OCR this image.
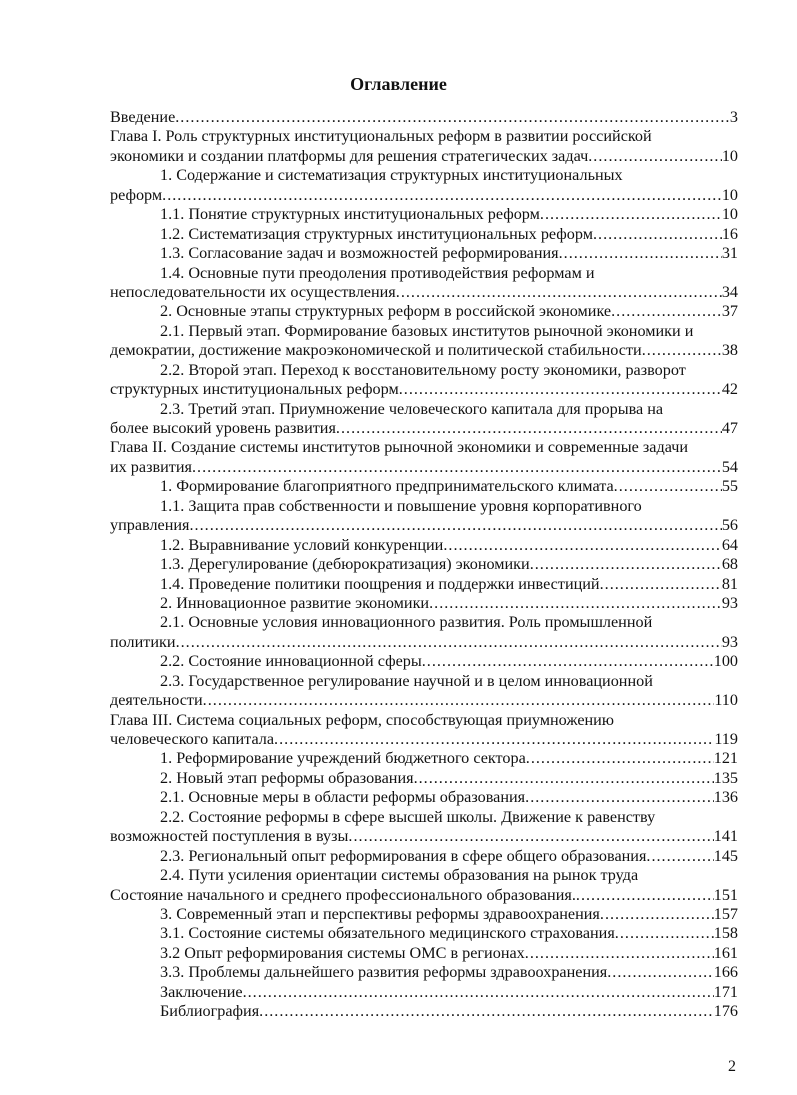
Оглавление
Введение .....	3
Глава I. Роль структурных институциональных реформ в развитии российской
экономики и создании платформы для решения стратегических задач .....	10
1. Содержание и систематизация структурных институциональных
реформ .....	10
1.1. Понятие структурных институциональных реформ .....	10
1.2. Систематизация структурных институциональных реформ .....	16
1.3. Согласование задач и возможностей реформирования .....	31
1.4. Основные пути преодоления противодействия реформам и
непоследовательности их осуществления .....	34
2. Основные этапы структурных реформ в российской экономике .....	37
2.1. Первый этап. Формирование базовых институтов рыночной экономики и
демократии, достижение макроэкономической и политической стабильности .....	38
2.2. Второй этап. Переход к восстановительному росту экономики, разворот
структурных институциональных реформ .....	42
2.3. Третий этап. Приумножение человеческого капитала для прорыва на
более высокий уровень развития .....	47
Глава II. Создание системы институтов рыночной экономики и современные задачи
их развития .....	54
1. Формирование благоприятного предпринимательского климата .....	55
1.1. Защита прав собственности и повышение уровня корпоративного
управления .....	56
1.2. Выравнивание условий конкуренции .....	64
1.3. Дерегулирование (дебюрократизация) экономики .....	68
1.4. Проведение политики поощрения и поддержки инвестиций .....	81
2. Инновационное развитие экономики .....	93
2.1. Основные условия инновационного развития. Роль промышленной
политики .....	93
2.2. Состояние инновационной сферы .....	100
2.3. Государственное регулирование научной и в целом инновационной
деятельности .....	110
Глава III. Система социальных реформ, способствующая приумножению
человеческого капитала .....	119
1. Реформирование учреждений бюджетного сектора .....	121
2. Новый этап реформы образования .....	135
2.1. Основные меры в области реформы образования .....	136
2.2. Состояние реформы в сфере высшей школы. Движение к равенству
возможностей поступления в вузы .....	141
2.3. Региональный опыт реформирования в сфере общего образования .....	145
2.4. Пути усиления ориентации системы образования на рынок труда
Состояние начального и среднего профессионального образования. .....	151
3. Современный этап и перспективы реформы здравоохранения .....	157
3.1. Состояние системы обязательного медицинского страхования .....	158
3.2 Опыт реформирования системы ОМС в регионах .....	161
3.3. Проблемы дальнейшего развития реформы здравоохранения .....	166
Заключение .....	171
Библиография .....	176
2
